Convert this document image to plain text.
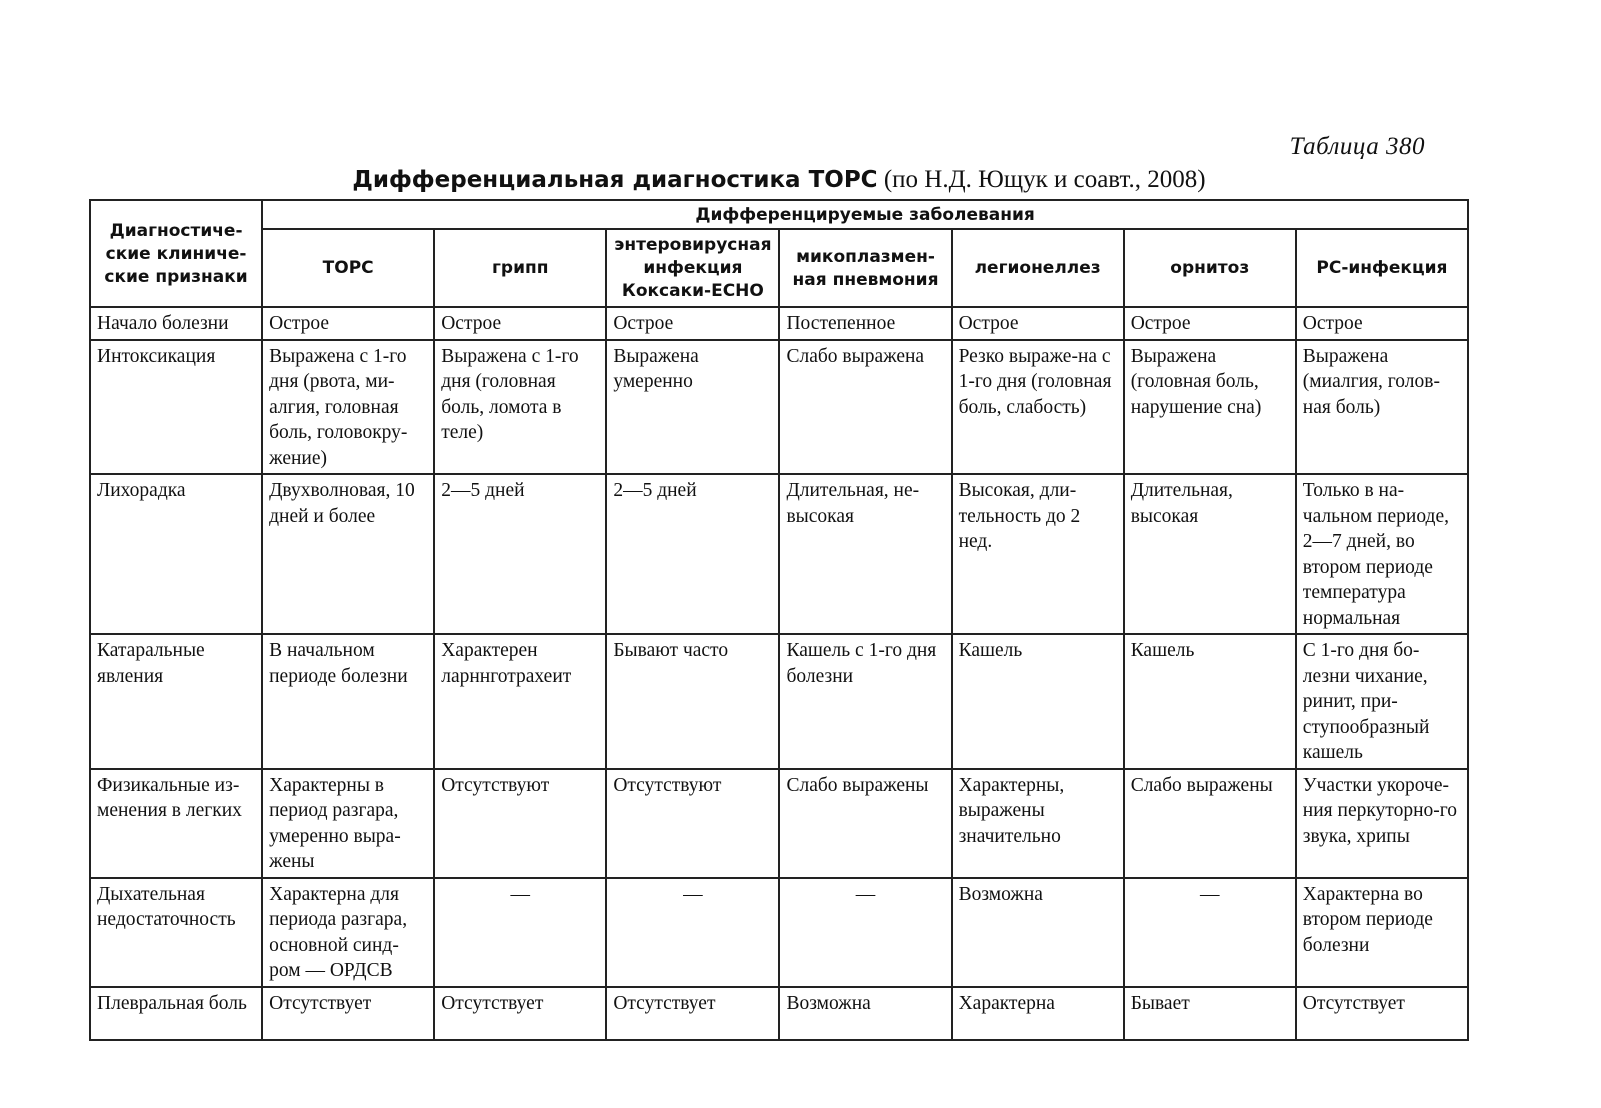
Таблица 380
Дифференциальная диагностика ТОРС (по Н.Д. Ющук и соавт., 2008)
Диагностиче-ские клиниче-ские признаки	Дифференцируемые заболевания						
	ТОРС	грипп	энтеровирусная инфекция Коксаки-ЕСНО	микоплазмен-ная пневмония	легионеллез	орнитоз	РС-инфекция
Начало болезни	Острое	Острое	Острое	Постепенное	Острое	Острое	Острое
Интоксикация	Выражена с 1-го дня (рвота, ми-алгия, головная боль, головокру-жение)	Выражена с 1-го дня (головная боль, ломота в теле)	Выражена умеренно	Слабо выражена	Резко выраже-на с 1-го дня (головная боль, слабость)	Выражена (головная боль, нарушение сна)	Выражена (миалгия, голов-ная боль)
Лихорадка	Двухволновая, 10 дней и более	2—5 дней	2—5 дней	Длительная, не-высокая	Высокая, дли-тельность до 2 нед.	Длительная, высокая	Только в на-чальном периоде, 2—7 дней, во втором периоде температура нормальная
Катаральные явления	В начальном периоде болезни	Характерен ларннготрахеит	Бывают часто	Кашель с 1-го дня болезни	Кашель	Кашель	С 1-го дня бо-лезни чихание, ринит, при-ступообразный кашель
Физикальные из-менения в легких	Характерны в период разгара, умеренно выра-жены	Отсутствуют	Отсутствуют	Слабо выражены	Характерны, выражены значительно	Слабо выражены	Участки укороче-ния перкуторно-го звука, хрипы
Дыхательная недостаточность	Характерна для периода разгара, основной синд-ром — ОРДСВ	—	—	—	Возможна	—	Характерна во втором периоде болезни
Плевральная боль	Отсутствует	Отсутствует	Отсутствует	Возможна	Характерна	Бывает	Отсутствует
